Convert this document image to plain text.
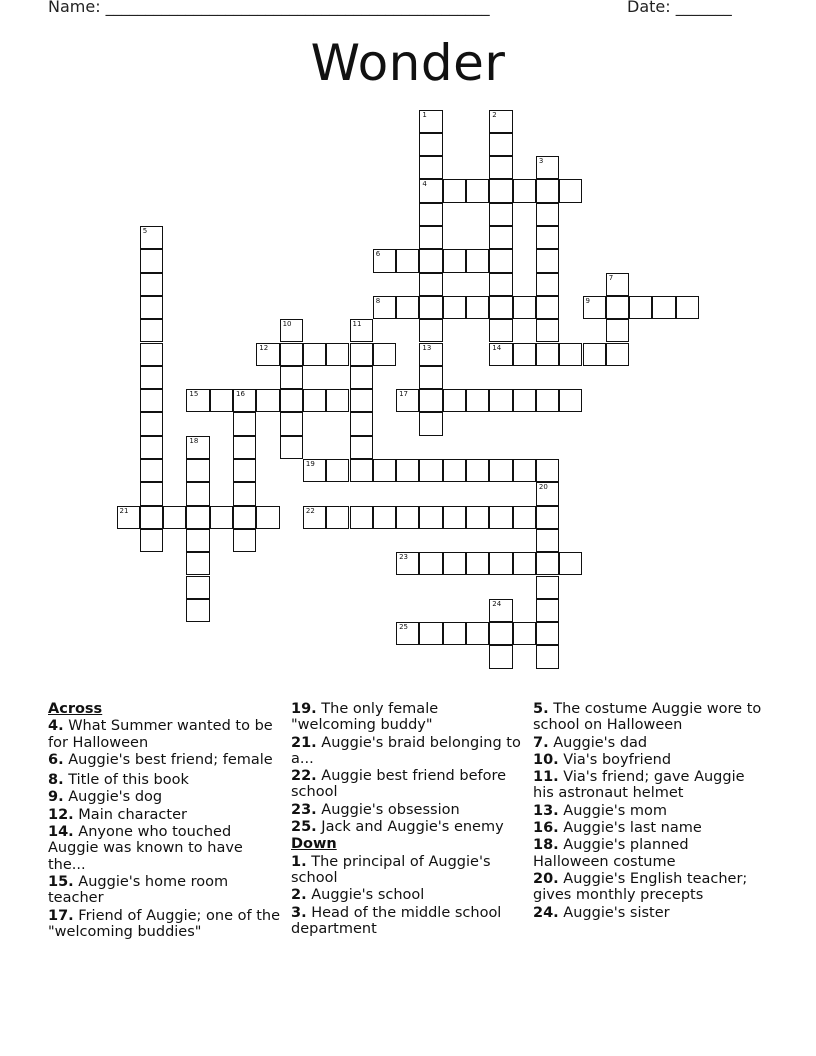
Name: ________________________________________________	Date: _______
Wonder
1
4
13
2
14
3
5
6
7
8	9
10	11
12
15	16	17
18
19
20
21	22
23
24
25
Across
4. What Summer wanted to be for Halloween
6. Auggie's best friend; female
8. Title of this book
9. Auggie's dog
12. Main character
14. Anyone who touched Auggie was known to have the...
15. Auggie's home room teacher
17. Friend of Auggie; one of the "welcoming buddies"
19. The only female "welcoming buddy"
21. Auggie's braid belonging to a...
22. Auggie best friend before school
23. Auggie's obsession
25. Jack and Auggie's enemy
Down
1. The principal of Auggie's school
2. Auggie's school
3. Head of the middle school department
5. The costume Auggie wore to school on Halloween
7. Auggie's dad
10. Via's boyfriend
11. Via's friend; gave Auggie his astronaut helmet
13. Auggie's mom
16. Auggie's last name
18. Auggie's planned Halloween costume
20. Auggie's English teacher; gives monthly precepts
24. Auggie's sister
